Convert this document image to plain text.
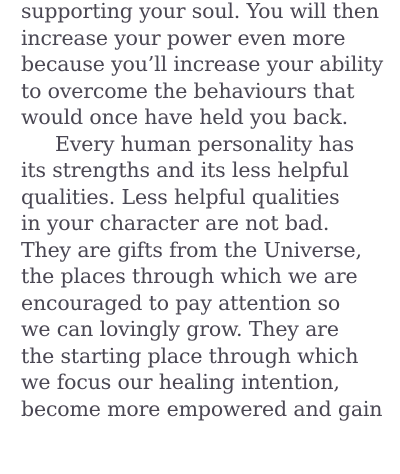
supporting your soul. You will then
increase your power even more
because you’ll increase your ability
to overcome the behaviours that
would once have held you back.
Every human personality has
its strengths and its less helpful
qualities. Less helpful qualities
in your character are not bad.
They are gifts from the Universe,
the places through which we are
encouraged to pay attention so
we can lovingly grow. They are
the starting place through which
we focus our healing intention,
become more empowered and gain
